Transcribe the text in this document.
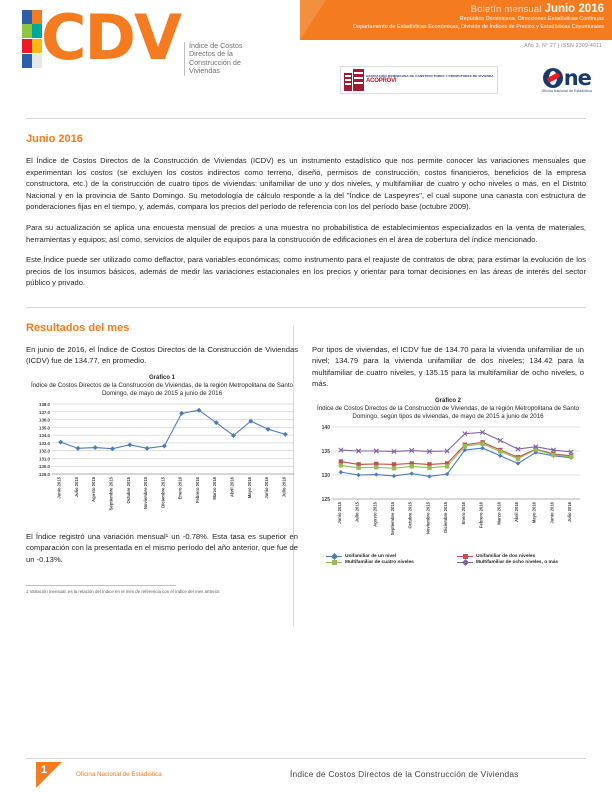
CDV	Índice de Costos Directos de la Construcción de Viviendas
Boletín mensual Junio 2016
República Dominicana, Direcciones Estadísticas Continuas
Departamento de Estadísticas Económicas, División de Índices de Precios y Estadísticas Coyunturales
Año 3, N° 27 | ISSN 2309-4011
ASOCIACIÓN DOMINICANA DE CONSTRUCTORES Y PROMOTORES DE VIVIENDA
ACOPROVI	ne
Oficina Nacional de Estadística
Junio 2016

El Índice de Costos Directos de la Construcción de Viviendas (ICDV) es un instrumento estadístico que nos permite conocer las variaciones mensuales que experimentan los costos (se excluyen los costos indirectos como terreno, diseño, permisos de construcción, costos financieros, beneficios de la empresa constructora, etc.) de la construcción de cuatro tipos de viviendas: unifamiliar de uno y dos niveles, y multifamiliar de cuatro y ocho niveles o más, en el Distrito Nacional y en la provincia de Santo Domingo. Su metodología de cálculo responde a la del "Índice de Laspeyres", el cual supone una canasta con estructura de ponderaciones fijas en el tiempo, y, además, compara los precios del período de referencia con los del período base (octubre 2009).

Para su actualización se aplica una encuesta mensual de precios a una muestra no probabilística de establecimientos especializados en la venta de materiales, herramientas y equipos; así como, servicios de alquiler de equipos para la construcción de edificaciones en el área de cobertura del índice mencionado.

Este Índice puede ser utilizado como deflactor, para variables económicas; como instrumento para el reajuste de contratos de obra; para estimar la evolución de los precios de los insumos básicos, además de medir las variaciones estacionales en los precios y orientar para tomar decisiones en las áreas de interés del sector público y privado.

Resultados del mes

En junio de 2016, el Índice de Costos Directos de la Construcción de Viviendas (ICDV) fue de 134.77, en promedio.

Gráfico 1
Índice de Costos Directos de la Construcción de Viviendas, de la región Metropolitana de Santo Domingo, de mayo de 2015 a junio de 2016
129.0
130.0
131.0
132.0
133.0
134.0
135.0
136.0
137.0
138.0
Junio 2015	Julio 2015	Agosto 2015	Septiembre 2015	Octubre 2015	Noviembre 2015	Diciembre 2015	Enero 2016	Febrero 2016	Marzo 2016	Abril 2016	Mayo 2016	Junio 2016	Julio 2016

El Índice registró una variación mensual¹ un -0.78%. Esta tasa es superior en comparación con la presentada en el mismo período del año anterior, que fue de un -0.13%.

Por tipos de viviendas, el ICDV fue de 134.70 para la vivienda unifamiliar de un nivel; 134.79 para la vivienda unifamiliar de dos niveles; 134.42 para la multifamiliar de cuatro niveles, y 135.15 para la multifamiliar de ocho niveles, o más.

Gráfico 2
Índice de Costos Directos de la Construcción de Viviendas, de la región Metropolitana de Santo Domingo, según tipos de viviendas, de mayo de 2015 a junio de 2016
125
130
135
140
Junio 2015	Julio 2015	Agosto 2015	Septiembre 2015	Octubre 2015	Noviembre 2015	Diciembre 2015	Enero 2016	Febrero 2016	Marzo 2016	Abril 2016	Mayo 2016	Junio 2016	Julio 2016
Unifamiliar de un nivel	Unifamiliar de dos niveles
Multifamiliar de cuatro niveles	Multifamiliar de ocho niveles, o más
1 Variación mensual: es la relación del índice en el mes de referencia con el índice del mes anterior.
1	Oficina Nacional de Estadística	Índice de Costos Directos de la Construcción de Viviendas
